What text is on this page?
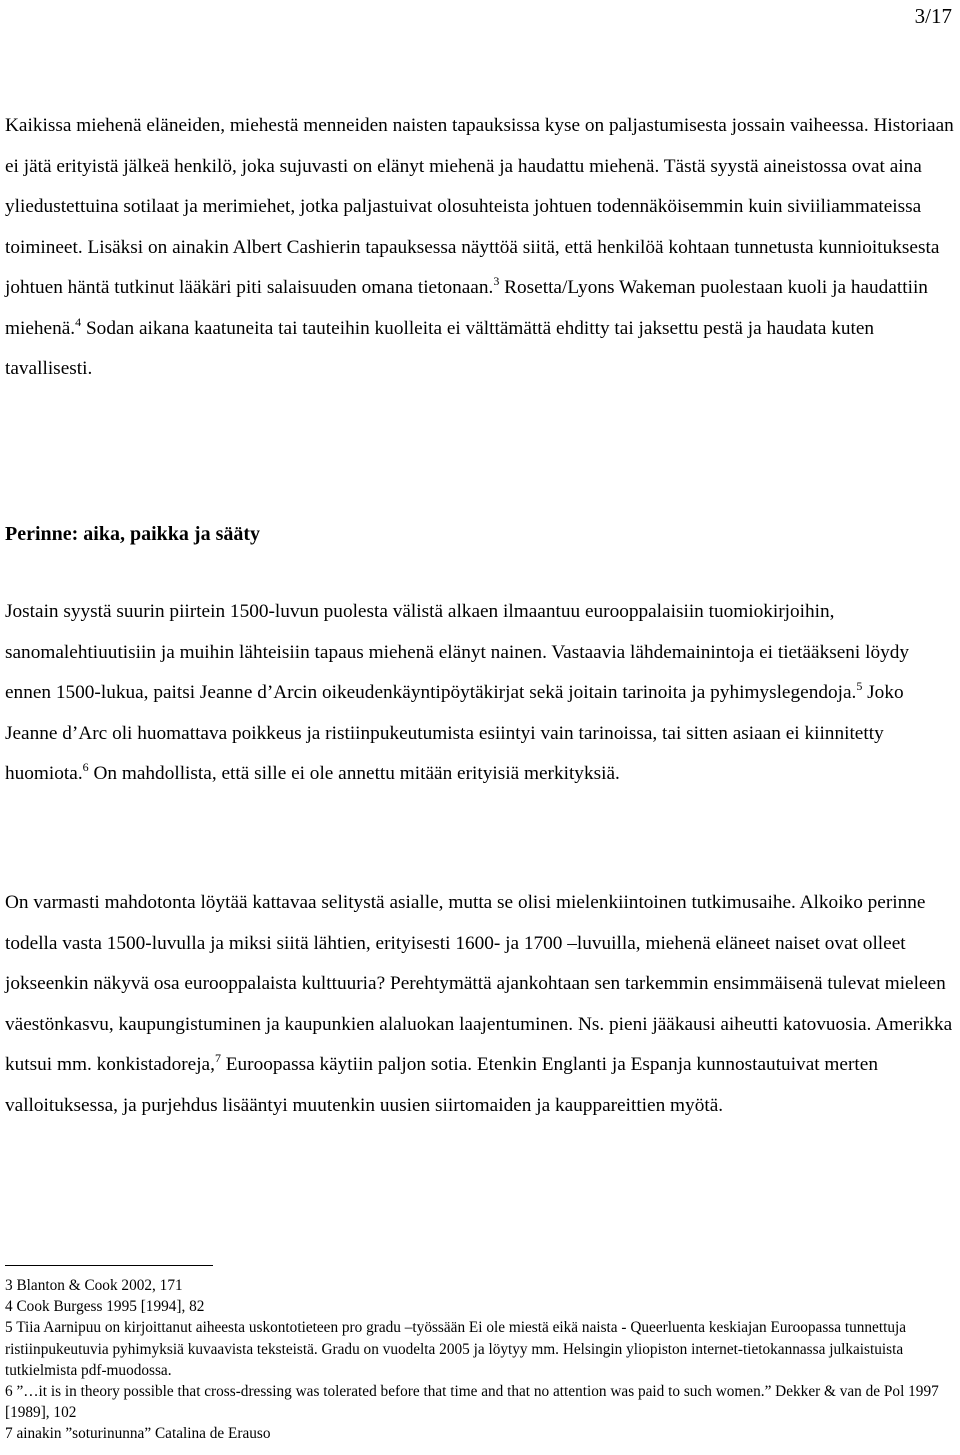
3/17

Kaikissa miehenä eläneiden, miehestä menneiden naisten tapauksissa kyse on paljastumisesta jossain vaiheessa. Historiaan ei jätä erityistä jälkeä henkilö, joka sujuvasti on elänyt miehenä ja haudattu miehenä. Tästä syystä aineistossa ovat aina yliedustettuina sotilaat ja merimiehet, jotka paljastuivat olosuhteista johtuen todennäköisemmin kuin siviiliammateissa toimineet. Lisäksi on ainakin Albert Cashierin tapauksessa näyttöä siitä, että henkilöä kohtaan tunnetusta kunnioituksesta johtuen häntä tutkinut lääkäri piti salaisuuden omana tietonaan.$^3$ Rosetta/Lyons Wakeman puolestaan kuoli ja haudattiin miehenä.$^4$ Sodan aikana kaatuneita tai tauteihin kuolleita ei välttämättä ehditty tai jaksettu pestä ja haudata kuten tavallisesti.

Jostain syystä suurin piirtein 1500-luvun puolesta välistä alkaen ilmaantuu eurooppalaisiin tuomiokirjoihin, sanomalehtiuutisiin ja muihin lähteisiin tapaus miehenä elänyt nainen. Vastaavia lähdemainintoja ei tietääkseni löydy ennen 1500-lukua, paitsi Jeanne d’Arcin oikeudenkäyntipöytäkirjat sekä joitain tarinoita ja pyhimyslegendoja.$^5$ Joko Jeanne d’Arc oli huomattava poikkeus ja ristiinpukeutumista esiintyi vain tarinoissa, tai sitten asiaan ei kiinnitetty huomiota.$^6$ On mahdollista, että sille ei ole annettu mitään erityisiä merkityksiä.

On varmasti mahdotonta löytää kattavaa selitystä asialle, mutta se olisi mielenkiintoinen tutkimusaihe. Alkoiko perinne todella vasta 1500-luvulla ja miksi siitä lähtien, erityisesti 1600- ja 1700 –luvuilla, miehenä eläneet naiset ovat olleet jokseenkin näkyvä osa eurooppalaista kulttuuria? Perehtymättä ajankohtaan sen tarkemmin ensimmäisenä tulevat mieleen väestönkasvu, kaupungistuminen ja kaupunkien alaluokan laajentuminen. Ns. pieni jääkausi aiheutti katovuosia. Amerikka kutsui mm. konkistadoreja,$^7$ Euroopassa käytiin paljon sotia. Etenkin Englanti ja Espanja kunnostautuivat merten valloituksessa, ja purjehdus lisääntyi muutenkin uusien siirtomaiden ja kauppareittien myötä.

Perinne: aika, paikka ja sääty
3 Blanton & Cook 2002, 171
4 Cook Burgess 1995 [1994], 82
5 Tiia Aarnipuu on kirjoittanut aiheesta uskontotieteen pro gradu –työssään Ei ole miestä eikä naista - Queerluenta keskiajan Euroopassa tunnettuja ristiinpukeutuvia pyhimyksiä kuvaavista teksteistä. Gradu on vuodelta 2005 ja löytyy mm. Helsingin yliopiston internet-tietokannassa julkaistuista tutkielmista pdf-muodossa.
6 ”…it is in theory possible that cross-dressing was tolerated before that time and that no attention was paid to such women.” Dekker & van de Pol 1997 [1989], 102
7 ainakin ”soturinunna” Catalina de Erauso
